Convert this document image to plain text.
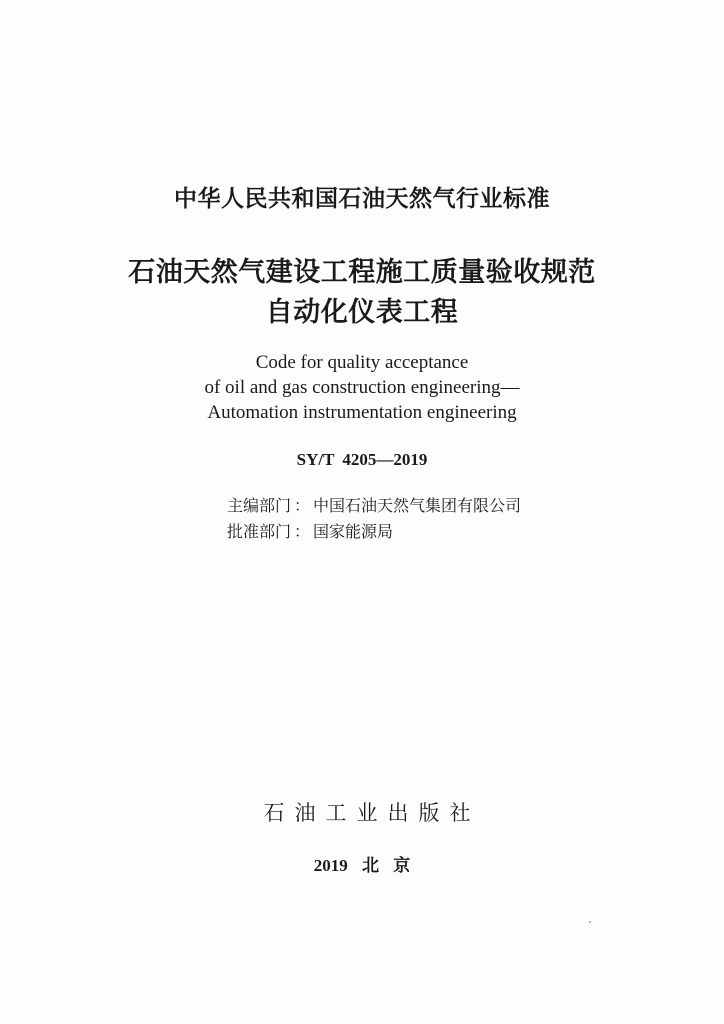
中华人民共和国石油天然气行业标准
石油天然气建设工程施工质量验收规范
自动化仪表工程
Code for quality acceptance
of oil and gas construction engineering—
Automation instrumentation engineering
SY/T 4205—2019
主编部门 ： 中国石油天然气集团有限公司
批准部门 ： 国家能源局
石油工业出版社
2019 北 京
